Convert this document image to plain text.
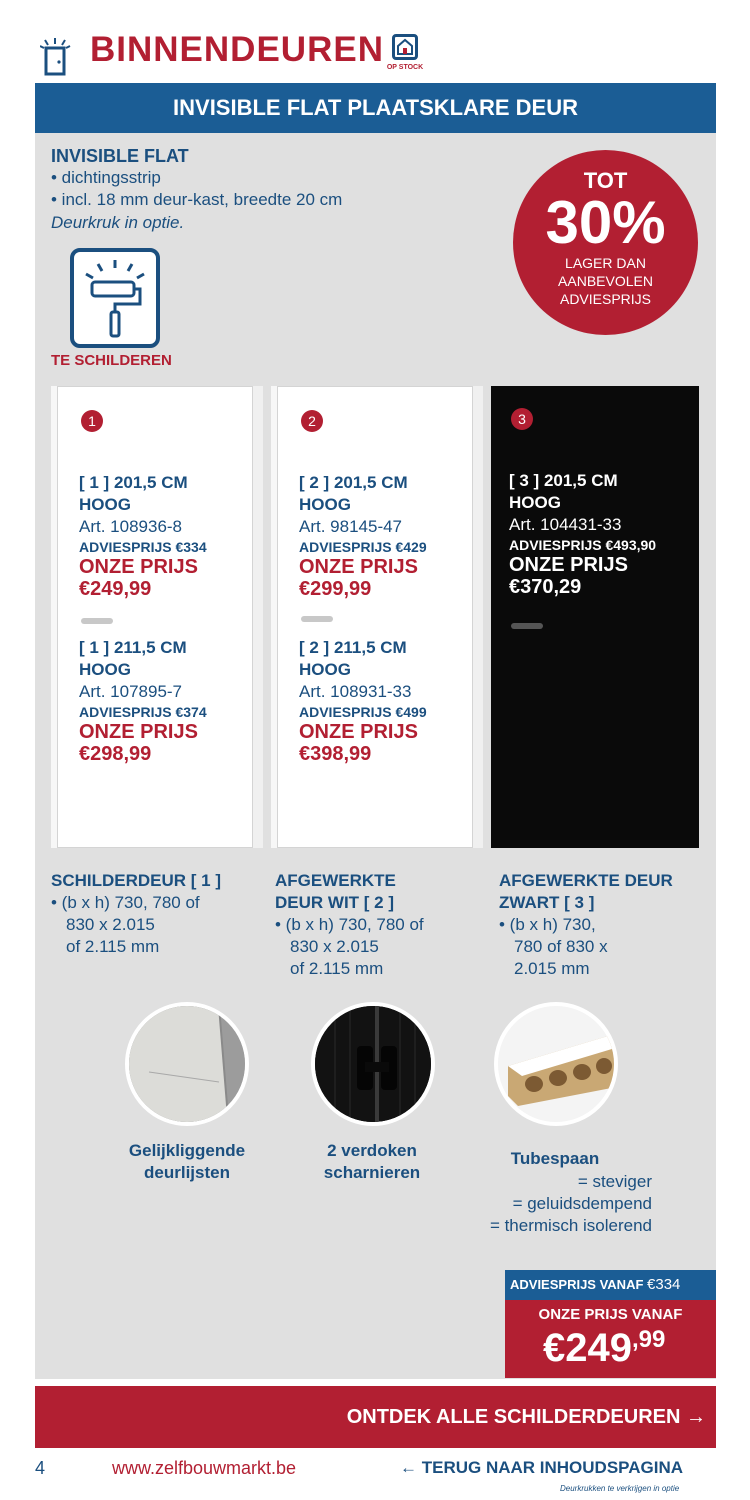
BINNENDEUREN OP STOCK
INVISIBLE FLAT PLAATSKLARE DEUR
INVISIBLE FLAT
• dichtingsstrip
• incl. 18 mm deur-kast, breedte 20 cm
Deurkruk in optie.
TE SCHILDEREN
TOT
30%
LAGER DAN
AANBEVOLEN
ADVIESPRIJS
1
[ 1 ] 201,5 CM
HOOG
Art. 108936-8
ADVIESPRIJS €334
ONZE PRIJS
€249,99
[ 1 ] 211,5 CM
HOOG
Art. 107895-7
ADVIESPRIJS €374
ONZE PRIJS
€298,99
2
[ 2 ] 201,5 CM
HOOG
Art. 98145-47
ADVIESPRIJS €429
ONZE PRIJS
€299,99
[ 2 ] 211,5 CM
HOOG
Art. 108931-33
ADVIESPRIJS €499
ONZE PRIJS
€398,99
3
[ 3 ] 201,5 CM
HOOG
Art. 104431-33
ADVIESPRIJS €493,90
ONZE PRIJS
€370,29
SCHILDERDEUR [ 1 ]
• (b x h) 730, 780 of
830 x 2.015
of 2.115 mm
AFGEWERKTE
DEUR WIT [ 2 ]
• (b x h) 730, 780 of
830 x 2.015
of 2.115 mm
AFGEWERKTE DEUR
ZWART [ 3 ]
• (b x h) 730,
780 of 830 x
2.015 mm
Gelijkliggende
deurlijsten
2 verdoken
scharnieren
Tubespaan
= steviger
= geluidsdempend
= thermisch isolerend
ADVIESPRIJS VANAF €334
ONZE PRIJS VANAF
$€249^{,99}$
ONTDEK ALLE SCHILDERDEUREN →
4	www.zelfbouwmarkt.be	← TERUG NAAR INHOUDSPAGINA
Deurkrukken te verkrijgen in optie
